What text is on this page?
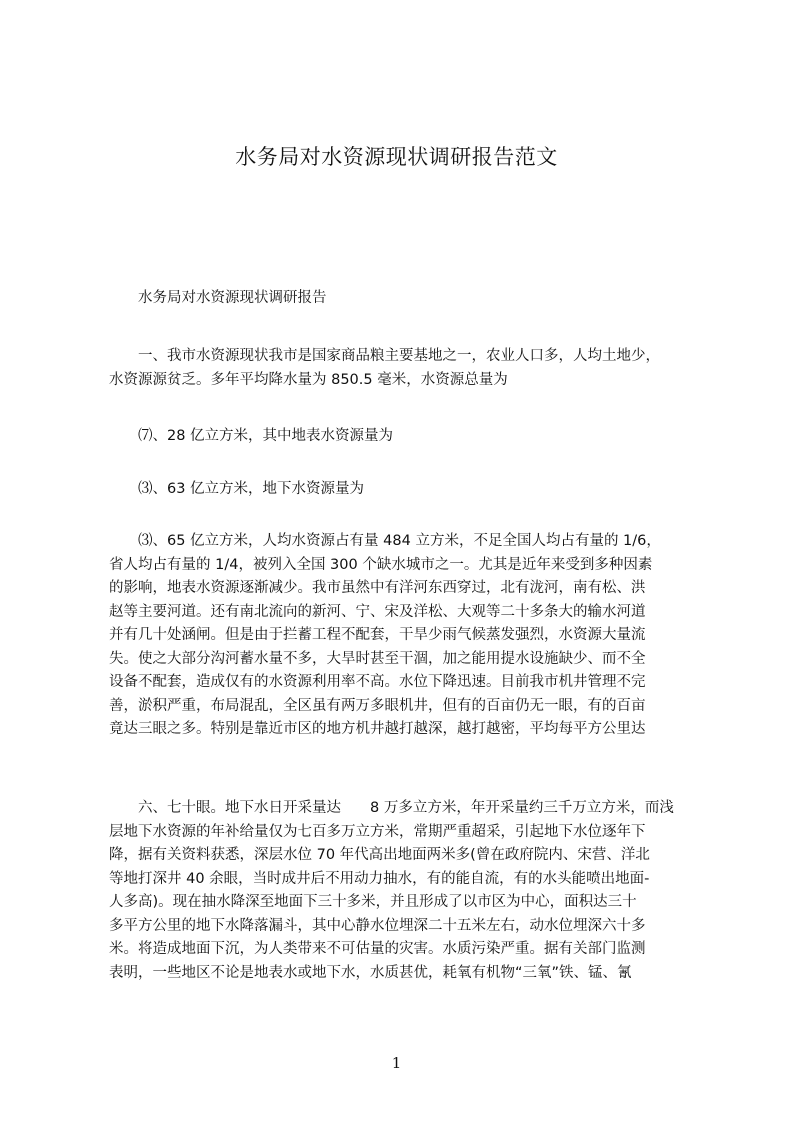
水务局对水资源现状调研报告范文
水务局对水资源现状调研报告
一、我市水资源现状我市是国家商品粮主要基地之一，农业人口多，人均土地少，
水资源源贫乏。多年平均降水量为 850.5 毫米，水资源总量为
⑺、28 亿立方米，其中地表水资源量为
⑶、63 亿立方米，地下水资源量为
⑶、65 亿立方米，人均水资源占有量 484 立方米，不足全国人均占有量的 1/6，
省人均占有量的 1/4，被列入全国 300 个缺水城市之一。尤其是近年来受到多种因素
的影响，地表水资源逐渐减少。我市虽然中有洋河东西穿过，北有泷河，南有松、洪
赵等主要河道。还有南北流向的新河、宁、宋及洋松、大观等二十多条大的输水河道
并有几十处涵闸。但是由于拦蓄工程不配套，干旱少雨气候蒸发强烈，水资源大量流
失。使之大部分沟河蓄水量不多，大旱时甚至干涸，加之能用提水设施缺少、而不全
设备不配套，造成仅有的水资源利用率不高。水位下降迅速。目前我市机井管理不完
善，淤积严重，布局混乱，全区虽有两万多眼机井，但有的百亩仍无一眼，有的百亩
竟达三眼之多。特别是靠近市区的地方机井越打越深，越打越密，平均每平方公里达
六、七十眼。地下水日开采量达　　8 万多立方米，年开采量约三千万立方米，而浅
层地下水资源的年补给量仅为七百多万立方米，常期严重超采，引起地下水位逐年下
降，据有关资料获悉，深层水位 70 年代高出地面两米多(曾在政府院内、宋营、洋北
等地打深井 40 余眼，当时成井后不用动力抽水，有的能自流，有的水头能喷出地面-
人多高)。现在抽水降深至地面下三十多米，并且形成了以市区为中心，面积达三十
多平方公里的地下水降落漏斗，其中心静水位埋深二十五米左右，动水位埋深六十多
米。将造成地面下沉，为人类带来不可估量的灾害。水质污染严重。据有关部门监测
表明，一些地区不论是地表水或地下水，水质甚优，耗氧有机物“三氧”铁、锰、氰
1
